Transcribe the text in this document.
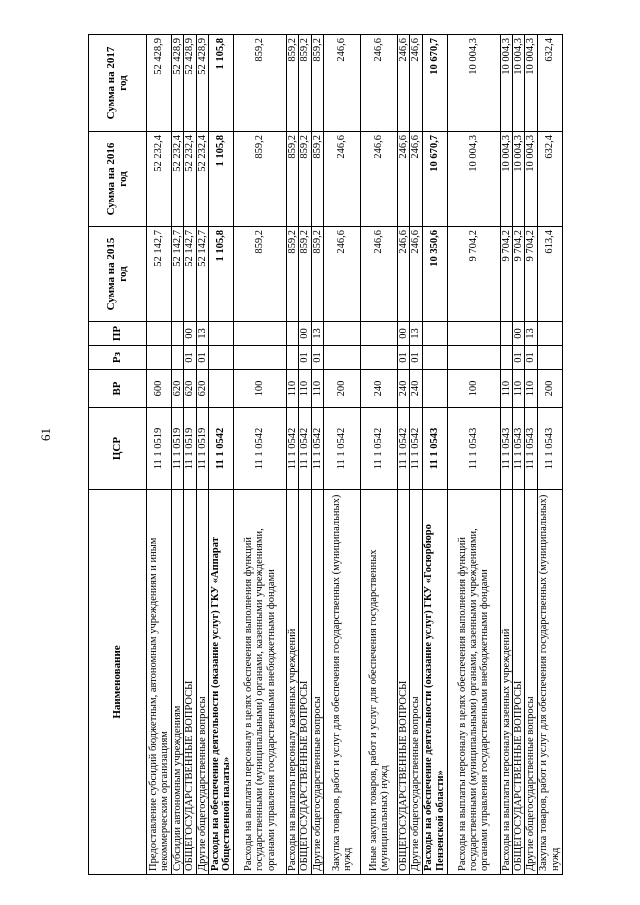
61
Наименование	ЦСР	ВР	Рз	ПР	Сумма на 2015 год	Сумма на 2016 год	Сумма на 2017 год
Предоставление субсидий бюджетным, автономным учреждениям и иным некоммерческим организациям	11 1 0519	600			52 142,7	52 232,4	52 428,9
Субсидии автономным учреждениям	11 1 0519	620			52 142,7	52 232,4	52 428,9
ОБЩЕГОСУДАРСТВЕННЫЕ ВОПРОСЫ	11 1 0519	620	01	00	52 142,7	52 232,4	52 428,9
Другие общегосударственные вопросы	11 1 0519	620	01	13	52 142,7	52 232,4	52 428,9
Расходы на обеспечение деятельности (оказание услуг) ГКУ «Аппарат Общественной палаты»	11 1 0542				1 105,8	1 105,8	1 105,8
Расходы на выплаты персоналу в целях обеспечения выполнения функций государственными (муниципальными) органами, казенными учреждениями, органами управления государственными внебюджетными фондами	11 1 0542	100			859,2	859,2	859,2
Расходы на выплаты персоналу казенных учреждений	11 1 0542	110			859,2	859,2	859,2
ОБЩЕГОСУДАРСТВЕННЫЕ ВОПРОСЫ	11 1 0542	110	01	00	859,2	859,2	859,2
Другие общегосударственные вопросы	11 1 0542	110	01	13	859,2	859,2	859,2
Закупка товаров, работ и услуг для обеспечения государственных (муниципальных) нужд	11 1 0542	200			246,6	246,6	246,6
Иные закупки товаров, работ и услуг для обеспечения государственных (муниципальных) нужд	11 1 0542	240			246,6	246,6	246,6
ОБЩЕГОСУДАРСТВЕННЫЕ ВОПРОСЫ	11 1 0542	240	01	00	246,6	246,6	246,6
Другие общегосударственные вопросы	11 1 0542	240	01	13	246,6	246,6	246,6
Расходы на обеспечение деятельности (оказание услуг) ГКУ «Госюрбюро Пензенской области»	11 1 0543				10 350,6	10 670,7	10 670,7
Расходы на выплаты персоналу в целях обеспечения выполнения функций государственными (муниципальными) органами, казенными учреждениями, органами управления государственными внебюджетными фондами	11 1 0543	100			9 704,2	10 004,3	10 004,3
Расходы на выплаты персоналу казенных учреждений	11 1 0543	110			9 704,2	10 004,3	10 004,3
ОБЩЕГОСУДАРСТВЕННЫЕ ВОПРОСЫ	11 1 0543	110	01	00	9 704,2	10 004,3	10 004,3
Другие общегосударственные вопросы	11 1 0543	110	01	13	9 704,2	10 004,3	10 004,3
Закупка товаров, работ и услуг для обеспечения государственных (муниципальных) нужд	11 1 0543	200			613,4	632,4	632,4
